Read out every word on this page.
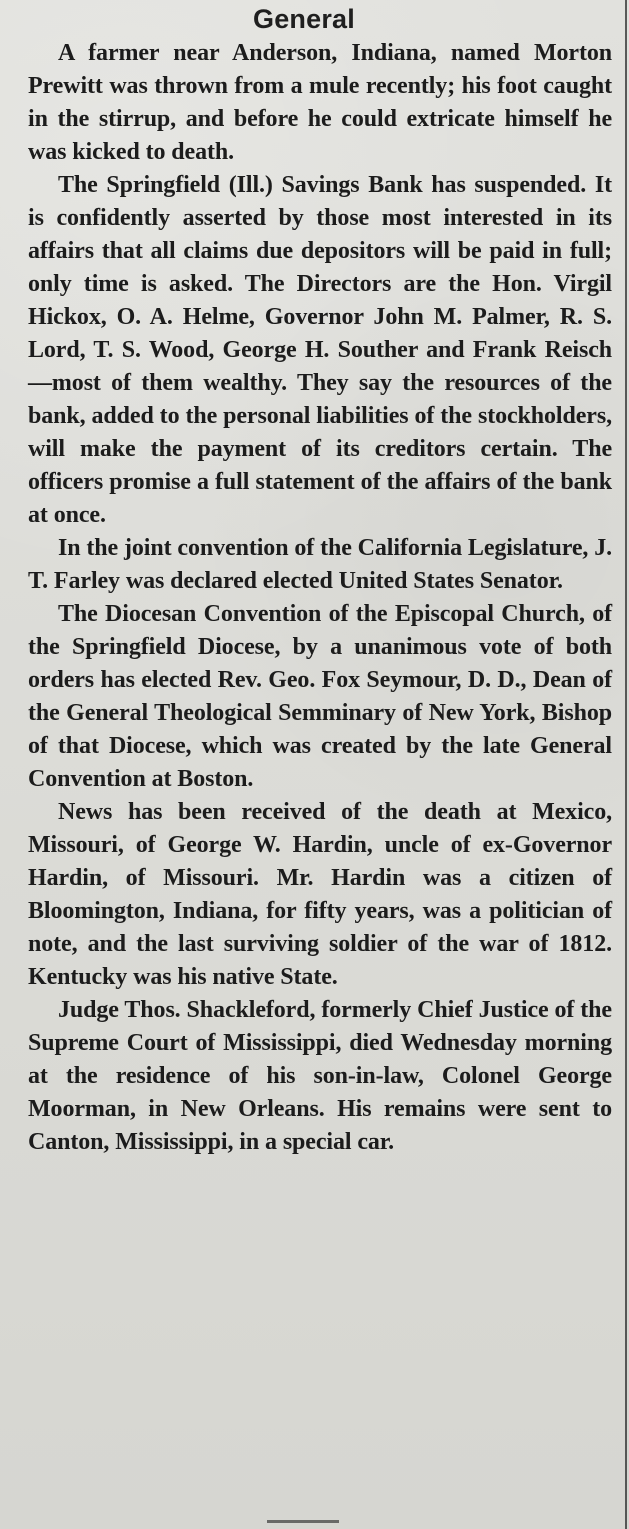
General

A farmer near Anderson, Indiana, named Morton Prewitt was thrown from a mule recently; his foot caught in the stirrup, and before he could extricate himself he was kicked to death.

The Springfield (Ill.) Savings Bank has suspended. It is confidently asserted by those most interested in its affairs that all claims due depositors will be paid in full; only time is asked. The Directors are the Hon. Virgil Hickox, O. A. Helme, Governor John M. Palmer, R. S. Lord, T. S. Wood, George H. Souther and Frank Reisch—most of them wealthy. They say the resources of the bank, added to the personal liabilities of the stockholders, will make the payment of its creditors certain. The officers promise a full statement of the affairs of the bank at once.

In the joint convention of the California Legislature, J. T. Farley was declared elected United States Senator.

The Diocesan Convention of the Episcopal Church, of the Springfield Diocese, by a unanimous vote of both orders has elected Rev. Geo. Fox Seymour, D. D., Dean of the General Theological Semminary of New York, Bishop of that Diocese, which was created by the late General Convention at Boston.

News has been received of the death at Mexico, Missouri, of George W. Hardin, uncle of ex-Governor Hardin, of Missouri. Mr. Hardin was a citizen of Bloomington, Indiana, for fifty years, was a politician of note, and the last surviving soldier of the war of 1812. Kentucky was his native State.

Judge Thos. Shackleford, formerly Chief Justice of the Supreme Court of Mississippi, died Wednesday morning at the residence of his son-in-law, Colonel George Moorman, in New Orleans. His remains were sent to Canton, Mississippi, in a special car.
